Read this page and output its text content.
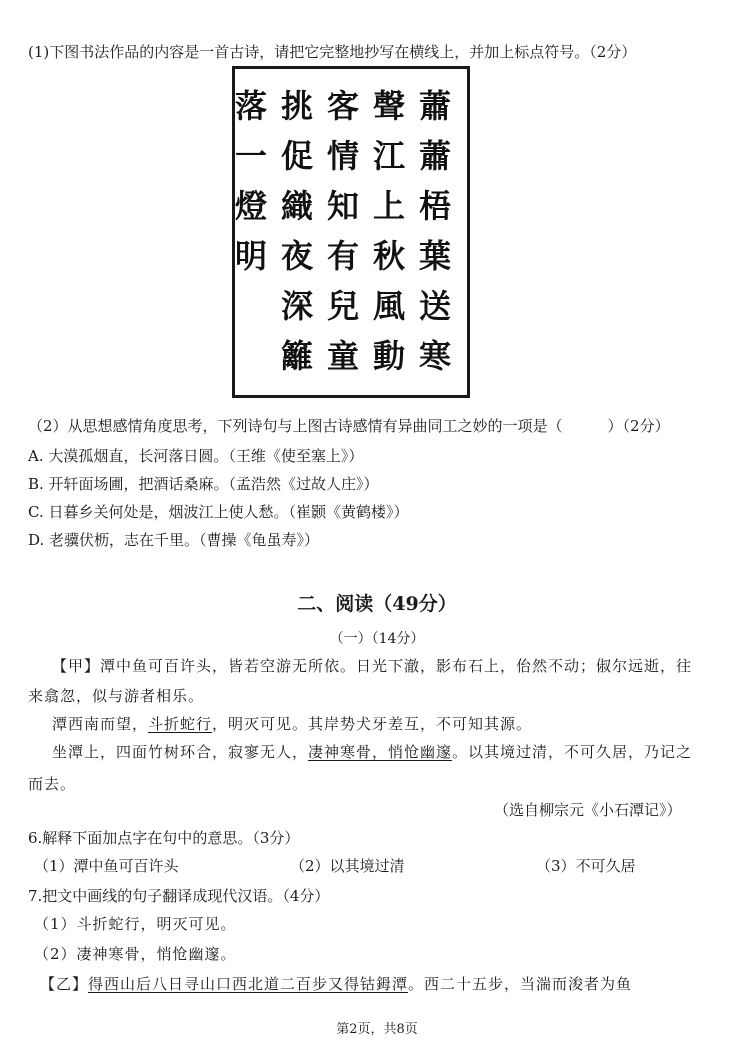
(1)下图书法作品的内容是一首古诗，请把它完整地抄写在横线上，并加上标点符号。（2分）
蕭
蕭
梧
葉
送
寒
聲
江
上
秋
風
動
客
情
知
有
兒
童
挑
促
織
夜
深
籬
落
一
燈
明
（2）从思想感情角度思考，下列诗句与上图古诗感情有异曲同工之妙的一项是（　　　）（2分）
A. 大漠孤烟直，长河落日圆。（王维《使至塞上》）
B. 开轩面场圃，把酒话桑麻。（孟浩然《过故人庄》）
C. 日暮乡关何处是，烟波江上使人愁。（崔颢《黄鹤楼》）
D. 老骥伏枥，志在千里。（曹操《龟虽寿》）
二、阅读（49分）
（一）（14分）
【甲】潭中鱼可百许头，皆若空游无所依。日光下澈，影布石上，佁然不动；俶尔远逝，往
来翕忽，似与游者相乐。
潭西南而望，斗折蛇行，明灭可见。其岸势犬牙差互，不可知其源。
坐潭上，四面竹树环合，寂寥无人，凄神寒骨，悄怆幽邃。以其境过清，不可久居，乃记之
而去。
（选自柳宗元《小石潭记》）
6.解释下面加点字在句中的意思。（3分）
（1）潭中鱼可百许头	（2）以其境过清	（3）不可久居
7.把文中画线的句子翻译成现代汉语。（4分）
（1）斗折蛇行，明灭可见。
（2）凄神寒骨，悄怆幽邃。
【乙】得西山后八日寻山口西北道二百步又得钴鉧潭。西二十五步，当湍而浚者为鱼
第2页，共8页
